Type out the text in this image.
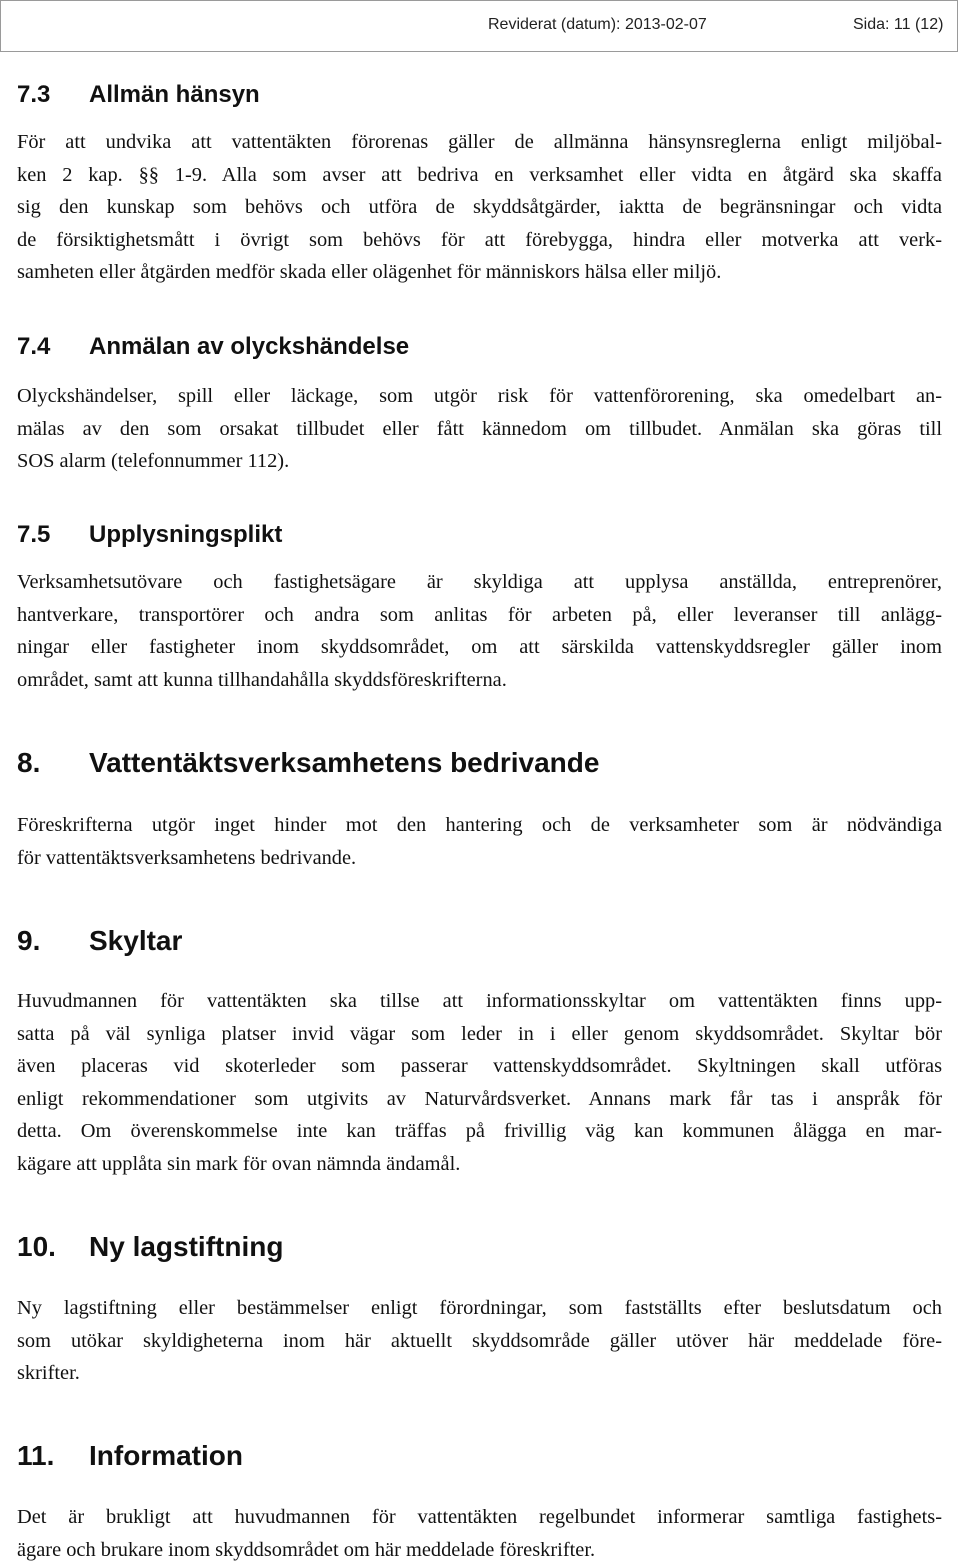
Reviderat (datum): 2013-02-07	Sida: 11 (12)
7.3 Allmän hänsyn

För att undvika att vattentäkten förorenas gäller de allmänna hänsynsreglerna enligt miljöbal-
ken 2 kap. §§ 1-9. Alla som avser att bedriva en verksamhet eller vidta en åtgärd ska skaffa
sig den kunskap som behövs och utföra de skyddsåtgärder, iaktta de begränsningar och vidta
de försiktighetsmått i övrigt som behövs för att förebygga, hindra eller motverka att verk-
samheten eller åtgärden medför skada eller olägenhet för människors hälsa eller miljö.

7.4 Anmälan av olyckshändelse

Olyckshändelser, spill eller läckage, som utgör risk för vattenförorening, ska omedelbart an-
mälas av den som orsakat tillbudet eller fått kännedom om tillbudet. Anmälan ska göras till
SOS alarm (telefonnummer 112).

7.5 Upplysningsplikt

Verksamhetsutövare och fastighetsägare är skyldiga att upplysa anställda, entreprenörer,
hantverkare, transportörer och andra som anlitas för arbeten på, eller leveranser till anlägg-
ningar eller fastigheter inom skyddsområdet, om att särskilda vattenskyddsregler gäller inom
området, samt att kunna tillhandahålla skyddsföreskrifterna.

8. Vattentäktsverksamhetens bedrivande

Föreskrifterna utgör inget hinder mot den hantering och de verksamheter som är nödvändiga
för vattentäktsverksamhetens bedrivande.

9. Skyltar

Huvudmannen för vattentäkten ska tillse att informationsskyltar om vattentäkten finns upp-
satta på väl synliga platser invid vägar som leder in i eller genom skyddsområdet. Skyltar bör
även placeras vid skoterleder som passerar vattenskyddsområdet. Skyltningen skall utföras
enligt rekommendationer som utgivits av Naturvårdsverket. Annans mark får tas i anspråk för
detta. Om överenskommelse inte kan träffas på frivillig väg kan kommunen ålägga en mar-
kägare att upplåta sin mark för ovan nämnda ändamål.

10. Ny lagstiftning

Ny lagstiftning eller bestämmelser enligt förordningar, som fastställts efter beslutsdatum och
som utökar skyldigheterna inom här aktuellt skyddsområde gäller utöver här meddelade före-
skrifter.

11. Information

Det är brukligt att huvudmannen för vattentäkten regelbundet informerar samtliga fastighets-
ägare och brukare inom skyddsområdet om här meddelade föreskrifter.
